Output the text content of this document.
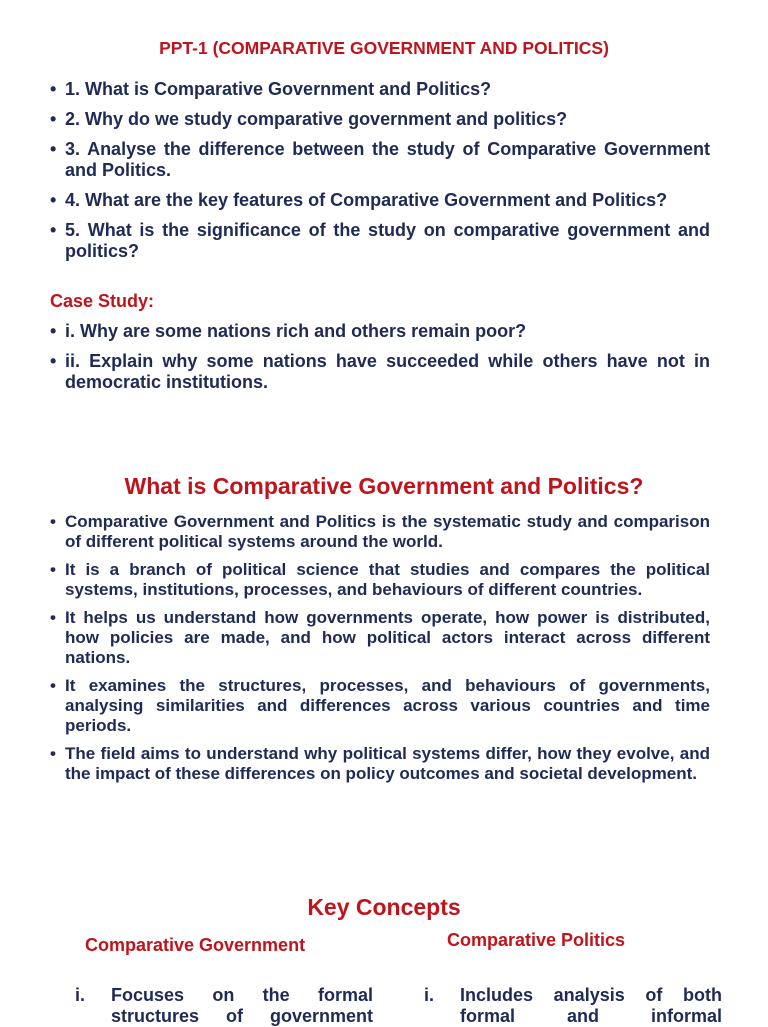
PPT-1 (COMPARATIVE GOVERNMENT AND POLITICS)
• 1. What is Comparative Government and Politics?
• 2. Why do we study comparative government and politics?
• 3. Analyse the difference between the study of Comparative Government and Politics.
• 4. What are the key features of Comparative Government and Politics?
• 5. What is the significance of the study on comparative government and politics?
Case Study:
• i. Why are some nations rich and others remain poor?
• ii. Explain why some nations have succeeded while others have not in democratic institutions.
What is Comparative Government and Politics?
• Comparative Government and Politics is the systematic study and comparison of different political systems around the world.
• It is a branch of political science that studies and compares the political systems, institutions, processes, and behaviours of different countries.
• It helps us understand how governments operate, how power is distributed, how policies are made, and how political actors interact across different nations.
• It examines the structures, processes, and behaviours of governments, analysing similarities and differences across various countries and time periods.
• The field aims to understand why political systems differ, how they evolve, and the impact of these differences on policy outcomes and societal development.
Key Concepts
Comparative Government	Comparative Politics
i. Focuses on the formal structures of government
i. Includes analysis of both formal and informal
